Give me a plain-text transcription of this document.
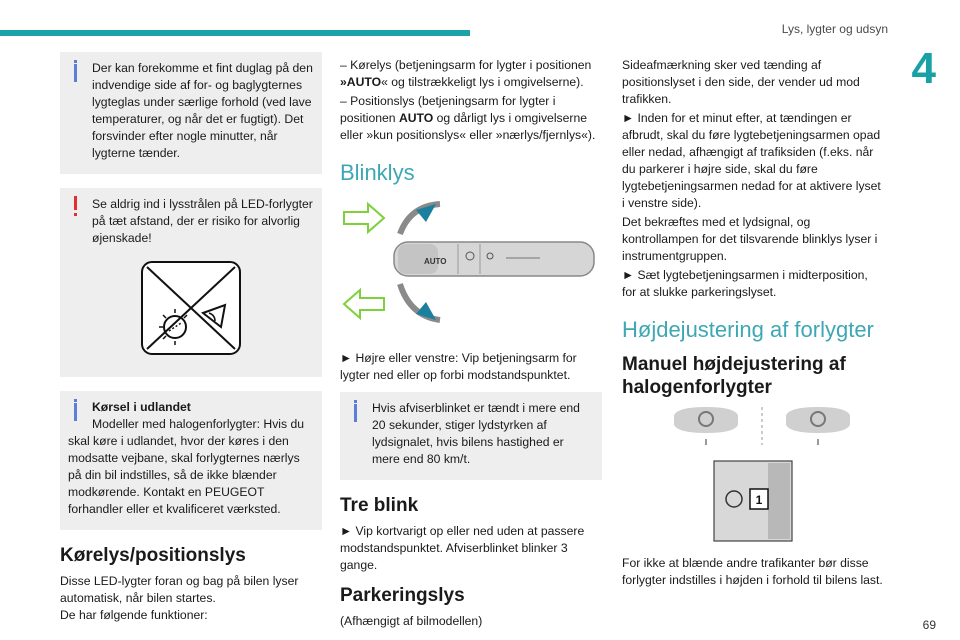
Lys, lygter og udsyn
4

Der kan forekomme et fint duglag på den indvendige side af for- og baglygternes lygteglas under særlige forhold (ved lave temperaturer, og når det er fugtigt). Det forsvinder efter nogle minutter, når lygterne tænder.

Se aldrig ind i lysstrålen på LED-forlygter på tæt afstand, der er risiko for alvorlig øjenskade!

Kørsel i udlandet

Modeller med halogenforlygter: Hvis du skal køre i udlandet, hvor der køres i den modsatte vejbane, skal forlygternes nærlys på din bil indstilles, så de ikke blænder modkørende. Kontakt en PEUGEOT forhandler eller et kvalificeret værksted.

Kørelys/positionslys

Disse LED-lygter foran og bag på bilen lyser automatisk, når bilen startes.

De har følgende funktioner:

– Kørelys (betjeningsarm for lygter i positionen »AUTO« og tilstrækkeligt lys i omgivelserne).

– Positionslys (betjeningsarm for lygter i positionen AUTO og dårligt lys i omgivelserne eller »kun positionslys« eller »nærlys/fjernlys«).

Blinklys
AUTO

► Højre eller venstre: Vip betjeningsarm for lygter ned eller op forbi modstandspunktet.

Hvis afviserblinket er tændt i mere end 20 sekunder, stiger lydstyrken af lydsignalet, hvis bilens hastighed er mere end 80 km/t.

Tre blink

► Vip kortvarigt op eller ned uden at passere modstandspunktet. Afviserblinket blinker 3 gange.

Parkeringslys

(Afhængigt af bilmodellen)

Sideafmærkning sker ved tænding af positionslyset i den side, der vender ud mod trafikken.

► Inden for et minut efter, at tændingen er afbrudt, skal du føre lygtebetjeningsarmen opad eller nedad, afhængigt af trafiksiden (f.eks. når du parkerer i højre side, skal du føre lygtebetjeningsarmen nedad for at aktivere lyset i venstre side).

Det bekræftes med et lydsignal, og kontrollampen for det tilsvarende blinklys lyser i instrumentgruppen.

► Sæt lygtebetjeningsarmen i midterposition, for at slukke parkeringslyset.

Højdejustering af forlygter
Manuel højdejustering af halogenforlygter
1

For ikke at blænde andre trafikanter bør disse forlygter indstilles i højden i forhold til bilens last.

69
